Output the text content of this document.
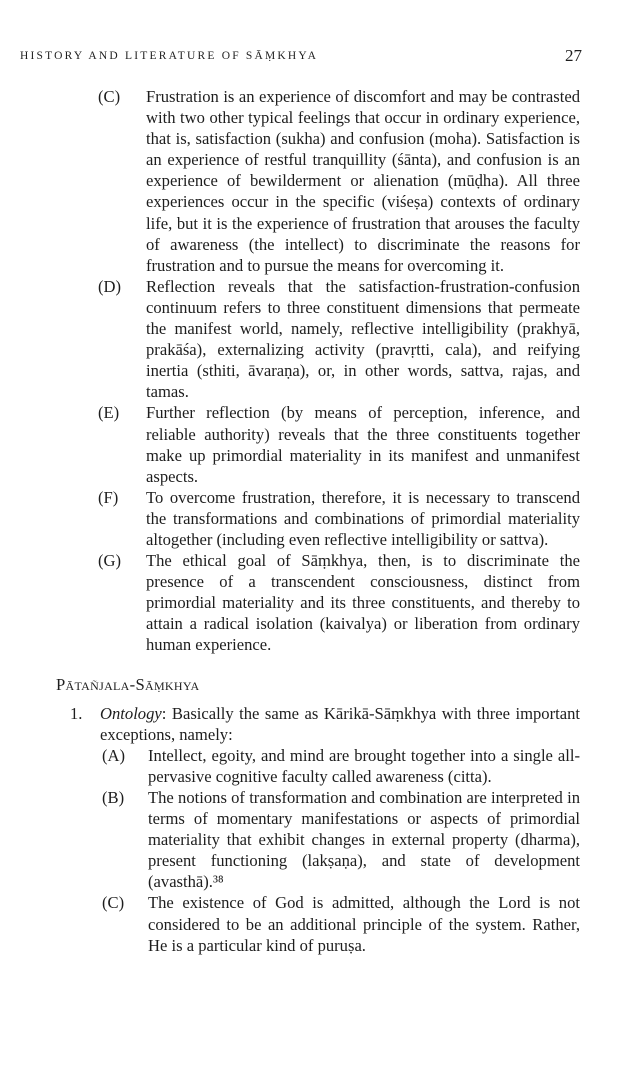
HISTORY AND LITERATURE OF SĀṂKHYA	27
(C) Frustration is an experience of discomfort and may be contrasted with two other typical feelings that occur in ordinary experience, that is, satisfaction (sukha) and confusion (moha). Satisfaction is an experience of restful tranquillity (śānta), and confusion is an experience of bewilderment or alienation (mūḍha). All three experiences occur in the specific (viśeṣa) contexts of ordinary life, but it is the experience of frustration that arouses the faculty of awareness (the intellect) to discriminate the reasons for frustration and to pursue the means for overcoming it.
(D) Reflection reveals that the satisfaction-frustration-confusion continuum refers to three constituent dimensions that permeate the manifest world, namely, reflective intelligibility (prakhyā, prakāśa), externalizing activity (pravṛtti, cala), and reifying inertia (sthiti, āvaraṇa), or, in other words, sattva, rajas, and tamas.
(E) Further reflection (by means of perception, inference, and reliable authority) reveals that the three constituents together make up primordial materiality in its manifest and unmanifest aspects.
(F) To overcome frustration, therefore, it is necessary to transcend the transformations and combinations of primordial materiality altogether (including even reflective intelligibility or sattva).
(G) The ethical goal of Sāṃkhya, then, is to discriminate the presence of a transcendent consciousness, distinct from primordial materiality and its three constituents, and thereby to attain a radical isolation (kaivalya) or liberation from ordinary human experience.
Pātañjala-Sāṃkhya
1. Ontology: Basically the same as Kārikā-Sāṃkhya with three important exceptions, namely:
(A) Intellect, egoity, and mind are brought together into a single all-pervasive cognitive faculty called awareness (citta).
(B) The notions of transformation and combination are interpreted in terms of momentary manifestations or aspects of primordial materiality that exhibit changes in external property (dharma), present functioning (lakṣaṇa), and state of development (avasthā).³⁸
(C) The existence of God is admitted, although the Lord is not considered to be an additional principle of the system. Rather, He is a particular kind of puruṣa.
